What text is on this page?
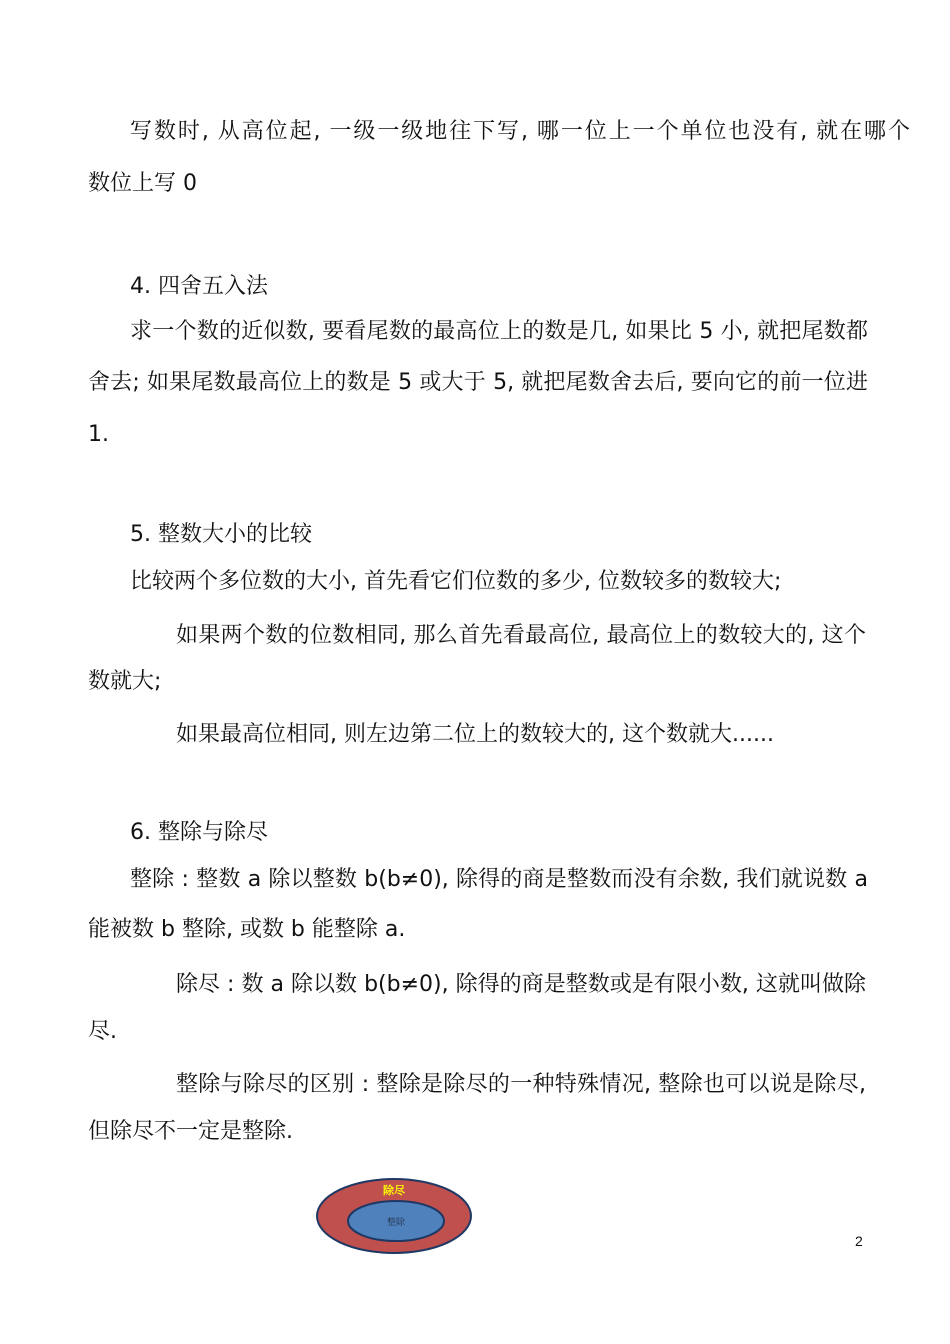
写数时, 从高位起, 一级一级地往下写, 哪一位上一个单位也没有, 就在哪个
数位上写 0
4. 四舍五入法
求一个数的近似数, 要看尾数的最高位上的数是几, 如果比 5 小, 就把尾数都
舍去; 如果尾数最高位上的数是 5 或大于 5, 就把尾数舍去后, 要向它的前一位进
1.
5. 整数大小的比较
比较两个多位数的大小, 首先看它们位数的多少, 位数较多的数较大;
如果两个数的位数相同, 那么首先看最高位, 最高位上的数较大的, 这个
数就大;
如果最高位相同, 则左边第二位上的数较大的, 这个数就大......
6. 整除与除尽
整除 : 整数 a 除以整数 b(b≠0), 除得的商是整数而没有余数, 我们就说数 a
能被数 b 整除, 或数 b 能整除 a.
除尽 : 数 a 除以数 b(b≠0), 除得的商是整数或是有限小数, 这就叫做除
尽.
整除与除尽的区别 : 整除是除尽的一种特殊情况, 整除也可以说是除尽,
但除尽不一定是整除.
除尽
整除
2
